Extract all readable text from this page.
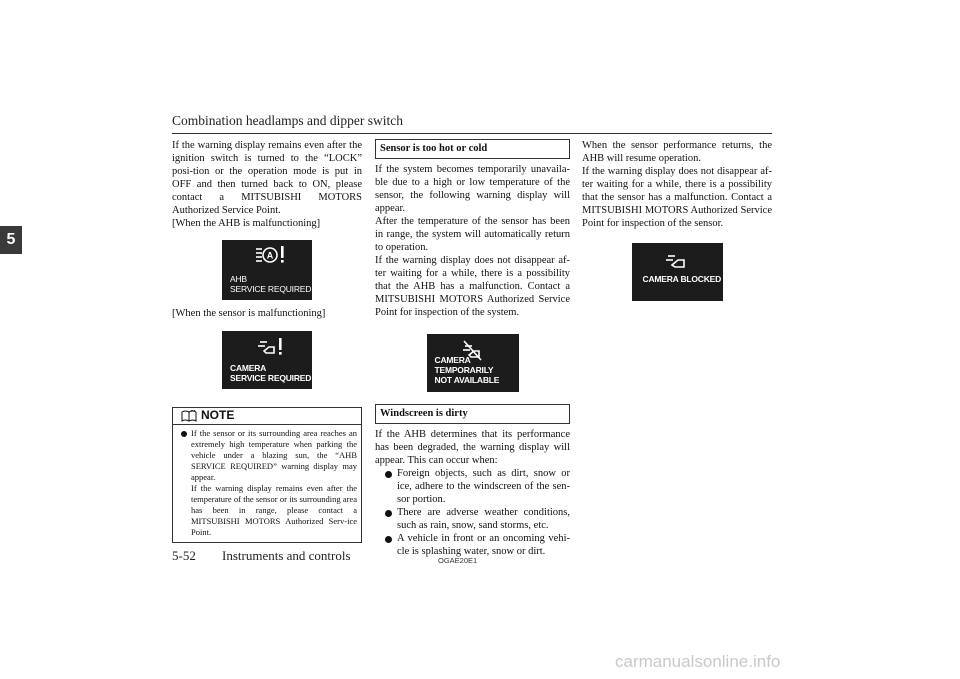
Combination headlamps and dipper switch
5

If the warning display remains even after the ignition switch is turned to the “LOCK” posi-tion or the operation mode is put in OFF and then turned back to ON, please contact a MITSUBISHI MOTORS Authorized Service Point.

[When the AHB is malfunctioning]

A
AHB
SERVICE REQUIRED

[When the sensor is malfunctioning]

CAMERA
SERVICE REQUIRED
NOTE
If the sensor or its surrounding area reaches an extremely high temperature when parking the vehicle under a blazing sun, the “AHB SERVICE REQUIRED” warning display may appear.
If the warning display remains even after the temperature of the sensor or its surrounding area has been in range, please contact a MITSUBISHI MOTORS Authorized Serv-ice Point.
Sensor is too hot or cold

If the system becomes temporarily unavaila-ble due to a high or low temperature of the sensor, the following warning display will appear.

After the temperature of the sensor has been in range, the system will automatically return to operation.

If the warning display does not disappear af-ter waiting for a while, there is a possibility that the AHB has a malfunction. Contact a MITSUBISHI MOTORS Authorized Service Point for inspection of the system.

CAMERA TEMPORARILY
NOT AVAILABLE
Windscreen is dirty

If the AHB determines that its performance has been degraded, the warning display will appear. This can occur when:

Foreign objects, such as dirt, snow or ice, adhere to the windscreen of the sen-sor portion.
There are adverse weather conditions, such as rain, snow, sand storms, etc.
A vehicle in front or an oncoming vehi-cle is splashing water, snow or dirt.

When the sensor performance returns, the AHB will resume operation.

If the warning display does not disappear af-ter waiting for a while, there is a possibility that the sensor has a malfunction. Contact a MITSUBISHI MOTORS Authorized Service Point for inspection of the sensor.

CAMERA BLOCKED
5-52 Instruments and controls	OGAE20E1
carmanualsonline.info
